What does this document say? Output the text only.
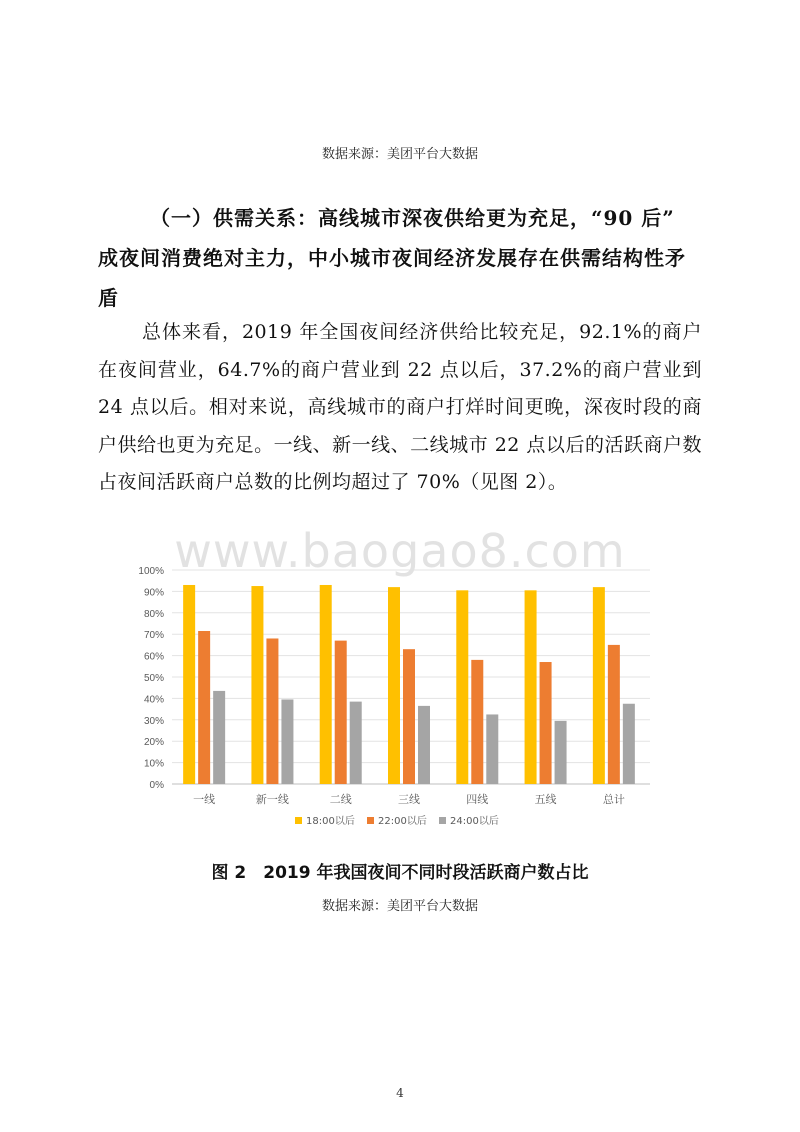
数据来源：美团平台大数据
（一）供需关系：高线城市深夜供给更为充足，“90 后”
成夜间消费绝对主力，中小城市夜间经济发展存在供需结构性矛
盾
总体来看，2019 年全国夜间经济供给比较充足，92.1%的商户在夜间营业，64.7%的商户营业到 22 点以后，37.2%的商户营业到 24 点以后。相对来说，高线城市的商户打烊时间更晚，深夜时段的商户供给也更为充足。一线、新一线、二线城市 22 点以后的活跃商户数占夜间活跃商户总数的比例均超过了 70%（见图 2）。
www.baogao8.com
0%
10%
20%
30%
40%
50%
60%
70%
80%
90%
100%
一线	新一线	二线	三线	四线	五线	总计
18:00以后 22:00以后 24:00以后
图 2　2019 年我国夜间不同时段活跃商户数占比
数据来源：美团平台大数据
4
